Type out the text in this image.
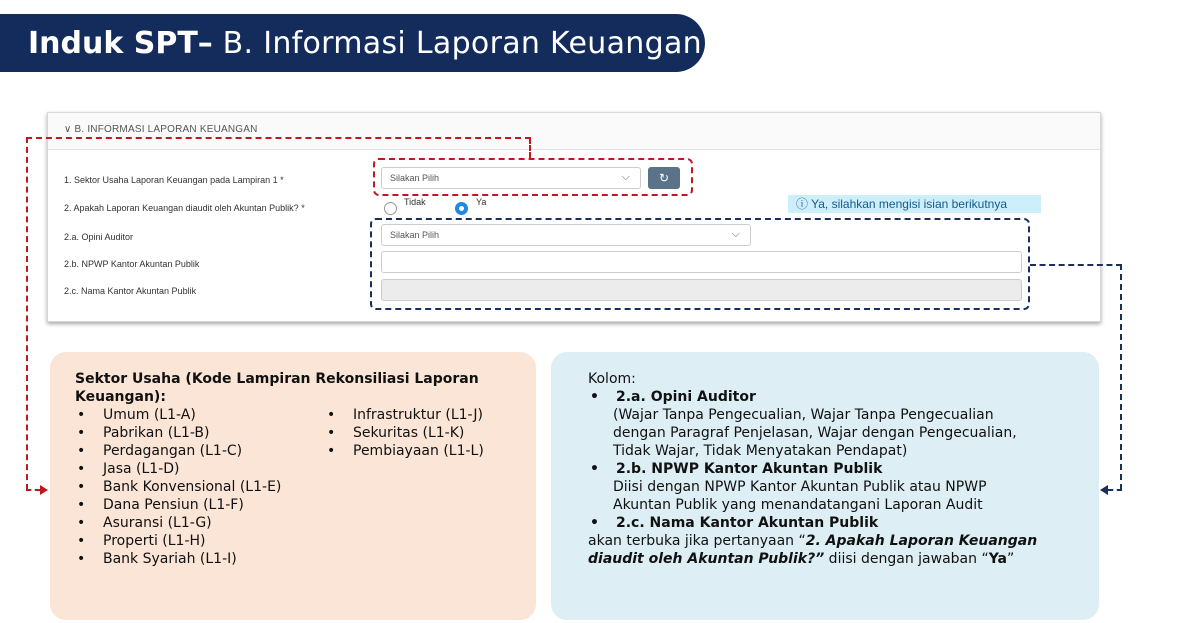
Induk SPT– B. Informasi Laporan Keuangan
∨ B. INFORMASI LAPORAN KEUANGAN
1. Sektor Usaha Laporan Keuangan pada Lampiran 1 *	Silakan Pilih	⌵	↻
2. Apakah Laporan Keuangan diaudit oleh Akuntan Publik? *
Tidak	Ya	ⓘ Ya, silahkan mengisi isian berikutnya
2.a. Opini Auditor	Silakan Pilih	⌵
2.b. NPWP Kantor Akuntan Publik
2.c. Nama Kantor Akuntan Publik
Sektor Usaha (Kode Lampiran Rekonsiliasi Laporan
Keuangan):
• Umum (L1-A)
• Pabrikan (L1-B)
• Perdagangan (L1-C)
• Jasa (L1-D)
• Bank Konvensional (L1-E)
• Dana Pensiun (L1-F)
• Asuransi (L1-G)
• Properti (L1-H)
• Bank Syariah (L1-I)
• Infrastruktur (L1-J)
• Sekuritas (L1-K)
• Pembiayaan (L1-L)
Kolom:
• 2.a. Opini Auditor
(Wajar Tanpa Pengecualian, Wajar Tanpa Pengecualian
dengan Paragraf Penjelasan, Wajar dengan Pengecualian,
Tidak Wajar, Tidak Menyatakan Pendapat)
• 2.b. NPWP Kantor Akuntan Publik
Diisi dengan NPWP Kantor Akuntan Publik atau NPWP
Akuntan Publik yang menandatangani Laporan Audit
• 2.c. Nama Kantor Akuntan Publik
akan terbuka jika pertanyaan “2. Apakah Laporan Keuangan
diaudit oleh Akuntan Publik?” diisi dengan jawaban “Ya”
